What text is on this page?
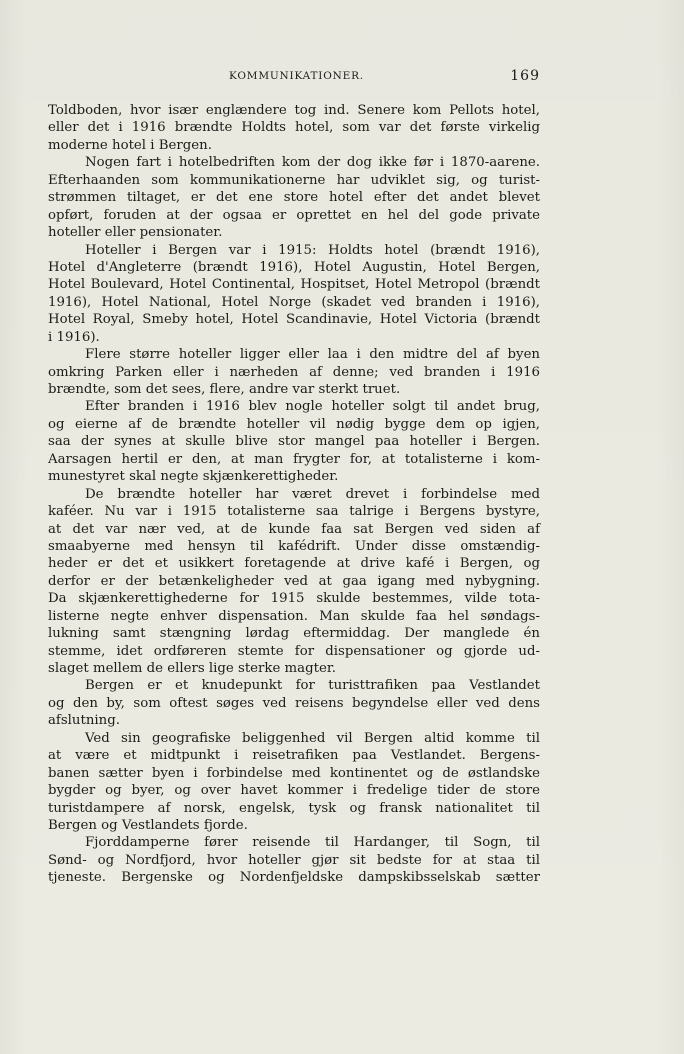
KOMMUNIKATIONER.	169
Toldboden, hvor især englændere tog ind. Senere kom Pellots hotel,
eller det i 1916 brændte Holdts hotel, som var det første virkelig
moderne hotel i Bergen.
Nogen fart i hotelbedriften kom der dog ikke før i 1870-aarene.
Efterhaanden som kommunikationerne har udviklet sig, og turist-
strømmen tiltaget, er det ene store hotel efter det andet blevet
opført, foruden at der ogsaa er oprettet en hel del gode private
hoteller eller pensionater.
Hoteller i Bergen var i 1915: Holdts hotel (brændt 1916),
Hotel d'Angleterre (brændt 1916), Hotel Augustin, Hotel Bergen,
Hotel Boulevard, Hotel Continental, Hospitset, Hotel Metropol (brændt
1916), Hotel National, Hotel Norge (skadet ved branden i 1916),
Hotel Royal, Smeby hotel, Hotel Scandinavie, Hotel Victoria (brændt
i 1916).
Flere større hoteller ligger eller laa i den midtre del af byen
omkring Parken eller i nærheden af denne; ved branden i 1916
brændte, som det sees, flere, andre var sterkt truet.
Efter branden i 1916 blev nogle hoteller solgt til andet brug,
og eierne af de brændte hoteller vil nødig bygge dem op igjen,
saa der synes at skulle blive stor mangel paa hoteller i Bergen.
Aarsagen hertil er den, at man frygter for, at totalisterne i kom-
munestyret skal negte skjænkerettigheder.
De brændte hoteller har været drevet i forbindelse med
kaféer. Nu var i 1915 totalisterne saa talrige i Bergens bystyre,
at det var nær ved, at de kunde faa sat Bergen ved siden af
smaabyerne med hensyn til kafédrift. Under disse omstændig-
heder er det et usikkert foretagende at drive kafé i Bergen, og
derfor er der betænkeligheder ved at gaa igang med nybygning.
Da skjænkerettighederne for 1915 skulde bestemmes, vilde tota-
listerne negte enhver dispensation. Man skulde faa hel søndags-
lukning samt stængning lørdag eftermiddag. Der manglede én
stemme, idet ordføreren stemte for dispensationer og gjorde ud-
slaget mellem de ellers lige sterke magter.
Bergen er et knudepunkt for turisttrafiken paa Vestlandet
og den by, som oftest søges ved reisens begyndelse eller ved dens
afslutning.
Ved sin geografiske beliggenhed vil Bergen altid komme til
at være et midtpunkt i reisetrafiken paa Vestlandet. Bergens-
banen sætter byen i forbindelse med kontinentet og de østlandske
bygder og byer, og over havet kommer i fredelige tider de store
turistdampere af norsk, engelsk, tysk og fransk nationalitet til
Bergen og Vestlandets fjorde.
Fjorddamperne fører reisende til Hardanger, til Sogn, til
Sønd- og Nordfjord, hvor hoteller gjør sit bedste for at staa til
tjeneste. Bergenske og Nordenfjeldske dampskibsselskab sætter
